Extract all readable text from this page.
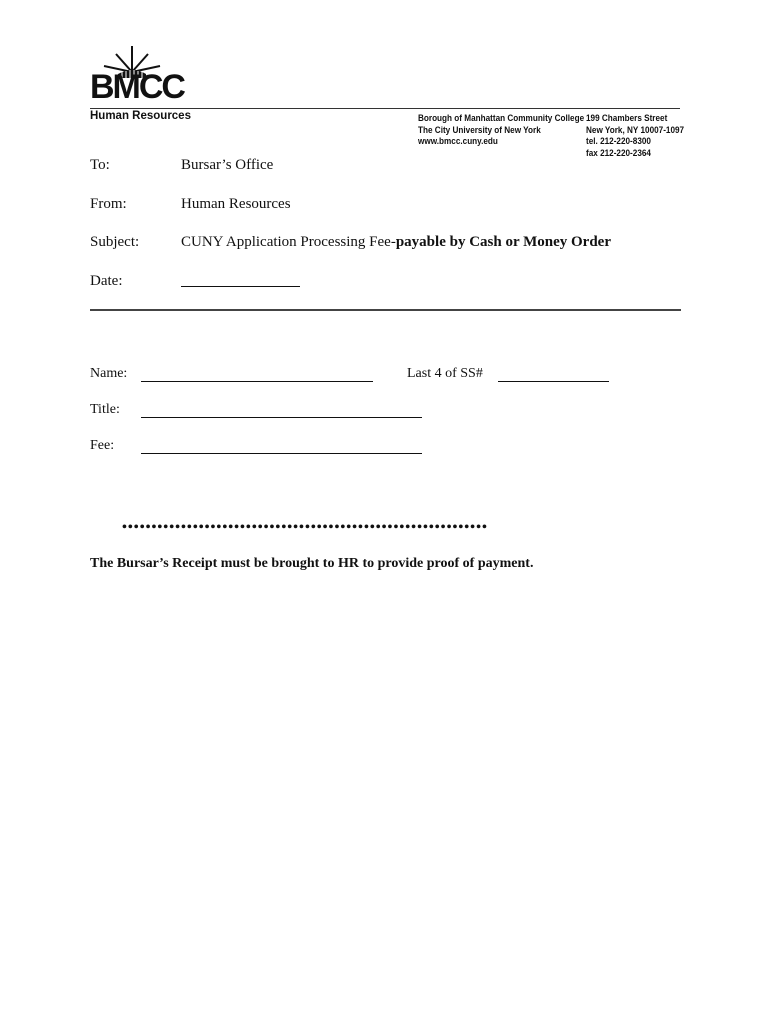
BMCC
Human Resources	Borough of Manhattan Community College
The City University of New York
www.bmcc.cuny.edu
199 Chambers Street
New York, NY 10007-1097
tel. 212-220-8300
fax 212-220-2364
To:	Bursar’s Office
From:	Human Resources
Subject:	CUNY Application Processing Fee-payable by Cash or Money Order
Date:
Name:	Last 4 of SS#
Title:
Fee:
••••••••••••••••••••••••••••••••••••••••••••••••••••••••••••••
The Bursar’s Receipt must be brought to HR to provide proof of payment.
